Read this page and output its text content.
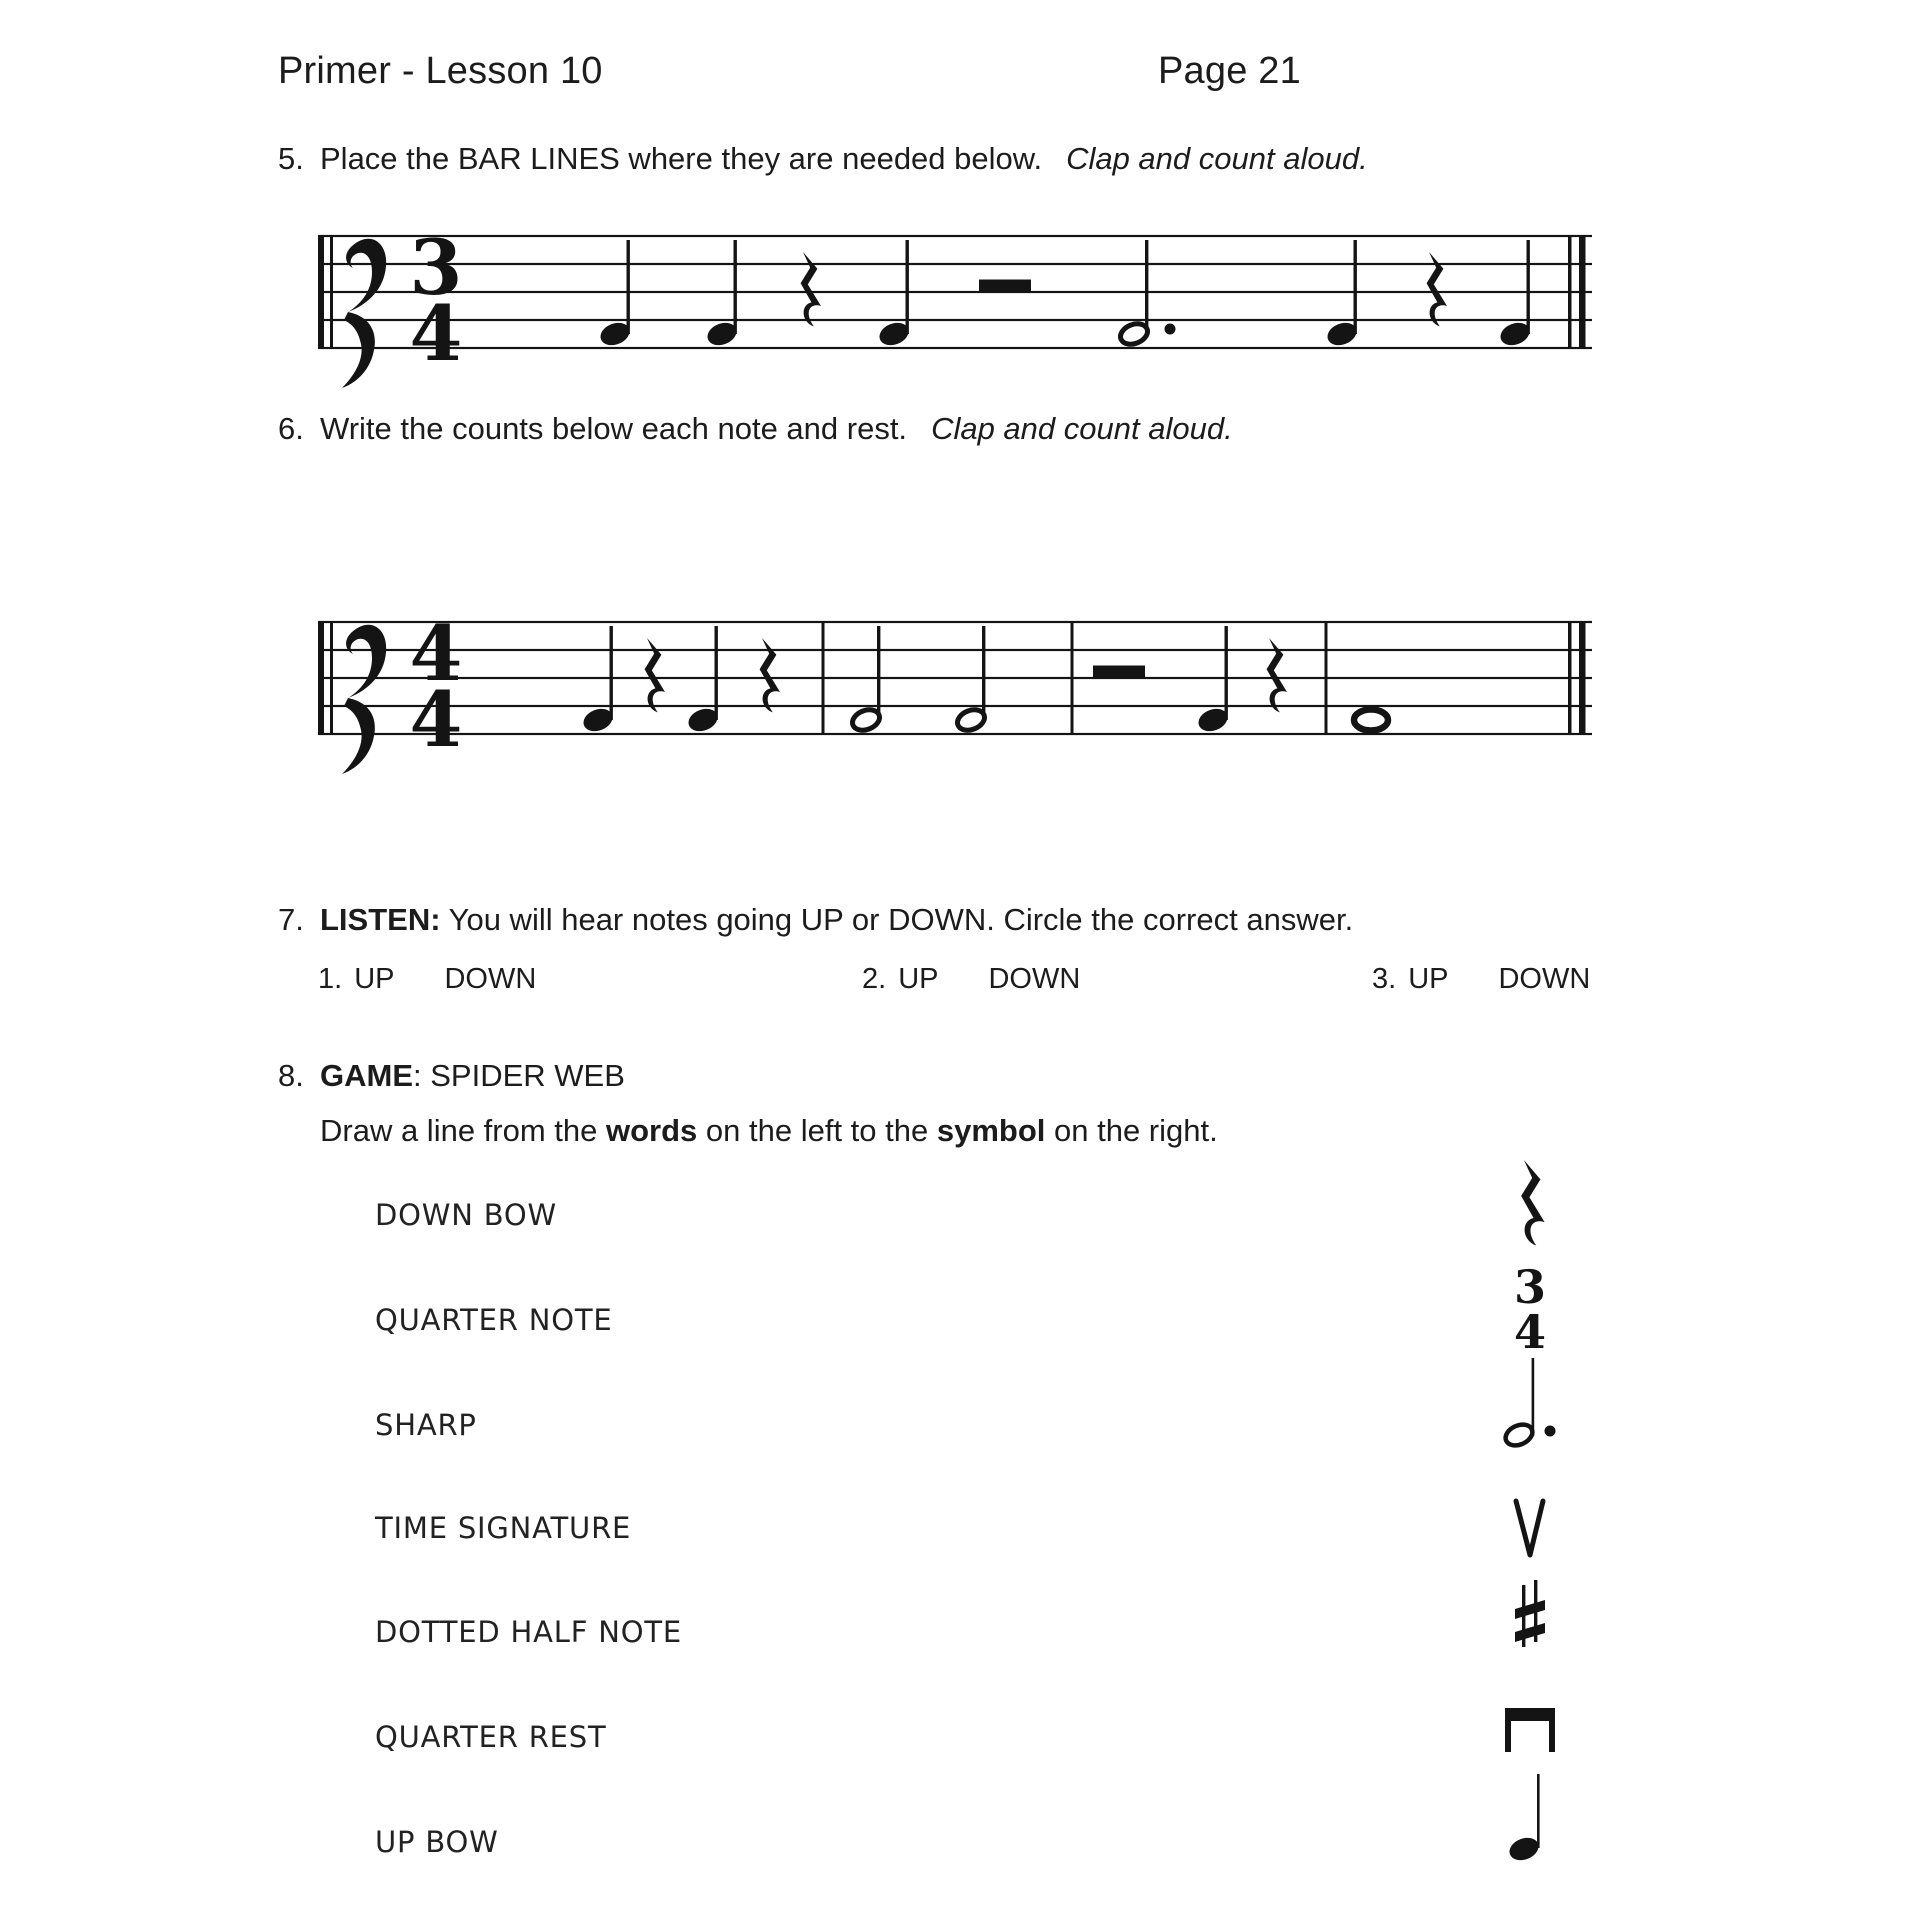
Primer - Lesson 10	Page 21
5. Place the BAR LINES where they are needed below. Clap and count aloud.
3
4
6. Write the counts below each note and rest. Clap and count aloud.
4
4
7. LISTEN: You will hear notes going UP or DOWN. Circle the correct answer.
1. UP DOWN	2. UP DOWN	3. UP DOWN
8. GAME: SPIDER WEB
Draw a line from the words on the left to the symbol on the right.
DOWN BOW
QUARTER NOTE
SHARP
TIME SIGNATURE
DOTTED HALF NOTE
QUARTER REST
UP BOW
3
4
